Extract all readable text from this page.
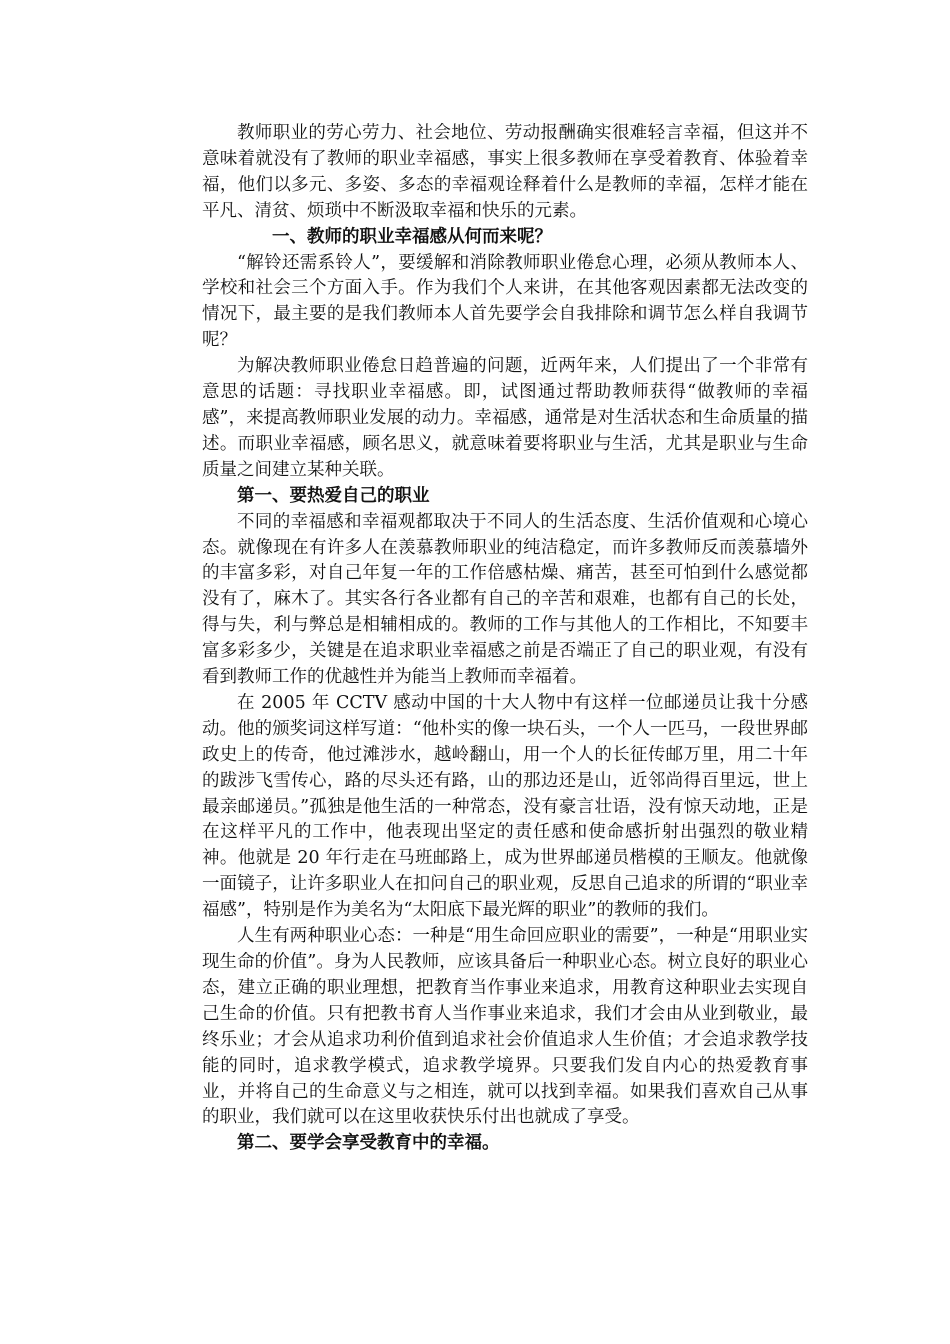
教师职业的劳心劳力、社会地位、劳动报酬确实很难轻言幸福，但这并不意味着就没有了教师的职业幸福感，事实上很多教师在享受着教育、体验着幸福，他们以多元、多姿、多态的幸福观诠释着什么是教师的幸福，怎样才能在平凡、清贫、烦琐中不断汲取幸福和快乐的元素。

一、教师的职业幸福感从何而来呢？

“解铃还需系铃人”，要缓解和消除教师职业倦怠心理，必须从教师本人、学校和社会三个方面入手。作为我们个人来讲，在其他客观因素都无法改变的情况下，最主要的是我们教师本人首先要学会自我排除和调节怎么样自我调节呢？

为解决教师职业倦怠日趋普遍的问题，近两年来，人们提出了一个非常有意思的话题：寻找职业幸福感。即，试图通过帮助教师获得“做教师的幸福感”，来提高教师职业发展的动力。幸福感，通常是对生活状态和生命质量的描述。而职业幸福感，顾名思义，就意味着要将职业与生活，尤其是职业与生命质量之间建立某种关联。

第一、要热爱自己的职业

不同的幸福感和幸福观都取决于不同人的生活态度、生活价值观和心境心态。就像现在有许多人在羡慕教师职业的纯洁稳定，而许多教师反而羡慕墙外的丰富多彩，对自己年复一年的工作倍感枯燥、痛苦，甚至可怕到什么感觉都没有了，麻木了。其实各行各业都有自己的辛苦和艰难，也都有自己的长处，得与失，利与弊总是相辅相成的。教师的工作与其他人的工作相比，不知要丰富多彩多少，关键是在追求职业幸福感之前是否端正了自己的职业观，有没有看到教师工作的优越性并为能当上教师而幸福着。

在 2005 年 CCTV 感动中国的十大人物中有这样一位邮递员让我十分感动。他的颁奖词这样写道：“他朴实的像一块石头，一个人一匹马，一段世界邮政史上的传奇，他过滩涉水，越岭翻山，用一个人的长征传邮万里，用二十年的跋涉飞雪传心，路的尽头还有路，山的那边还是山，近邻尚得百里远，世上最亲邮递员。”孤独是他生活的一种常态，没有豪言壮语，没有惊天动地，正是在这样平凡的工作中，他表现出坚定的责任感和使命感折射出强烈的敬业精神。他就是 20 年行走在马班邮路上，成为世界邮递员楷模的王顺友。他就像一面镜子，让许多职业人在扣问自己的职业观，反思自己追求的所谓的“职业幸福感”，特别是作为美名为“太阳底下最光辉的职业”的教师的我们。

人生有两种职业心态：一种是“用生命回应职业的需要”，一种是“用职业实现生命的价值”。身为人民教师，应该具备后一种职业心态。树立良好的职业心态，建立正确的职业理想，把教育当作事业来追求，用教育这种职业去实现自己生命的价值。只有把教书育人当作事业来追求，我们才会由从业到敬业，最终乐业；才会从追求功利价值到追求社会价值追求人生价值；才会追求教学技能的同时，追求教学模式，追求教学境界。只要我们发自内心的热爱教育事业，并将自己的生命意义与之相连，就可以找到幸福。如果我们喜欢自己从事的职业，我们就可以在这里收获快乐付出也就成了享受。

第二、要学会享受教育中的幸福。
